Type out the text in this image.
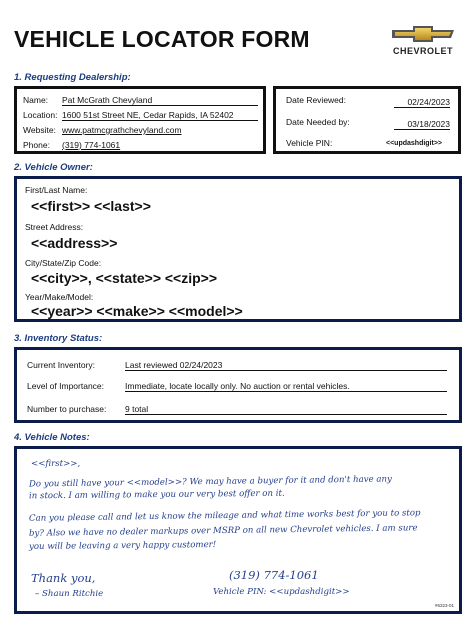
VEHICLE LOCATOR FORM	CHEVROLET
1. Requesting Dealership:
Name: Pat McGrath Chevyland
Location: 1600 51st Street NE, Cedar Rapids, IA 52402
Website: www.patmcgrathchevyland.com
Phone: (319) 774-1061
Date Reviewed:	02/24/2023
Date Needed by:	03/18/2023
Vehicle PIN:	<<updashdigit>>
2. Vehicle Owner:
First/Last Name:
<<first>> <<last>>
Street Address:
<<address>>
City/State/Zip Code:
<<city>>, <<state>> <<zip>>
Year/Make/Model:
<<year>> <<make>> <<model>>
3. Inventory Status:
Current Inventory:	Last reviewed 02/24/2023
Level of Importance: Immediate, locate locally only. No auction or rental vehicles.
Number to purchase: 9 total
4. Vehicle Notes:
<<first>>,
Do you still have your <<model>>? We may have a buyer for it and don't have any
in stock. I am willing to make you our very best offer on it.
Can you please call and let us know the mileage and what time works best for you to stop
by? Also we have no dealer markups over MSRP on all new Chevrolet vehicles. I am sure
you will be leaving a very happy customer!
Thank you,
– Shaun Ritchie
(319) 774-1061
Vehicle PIN: <<updashdigit>>
#6323-01
